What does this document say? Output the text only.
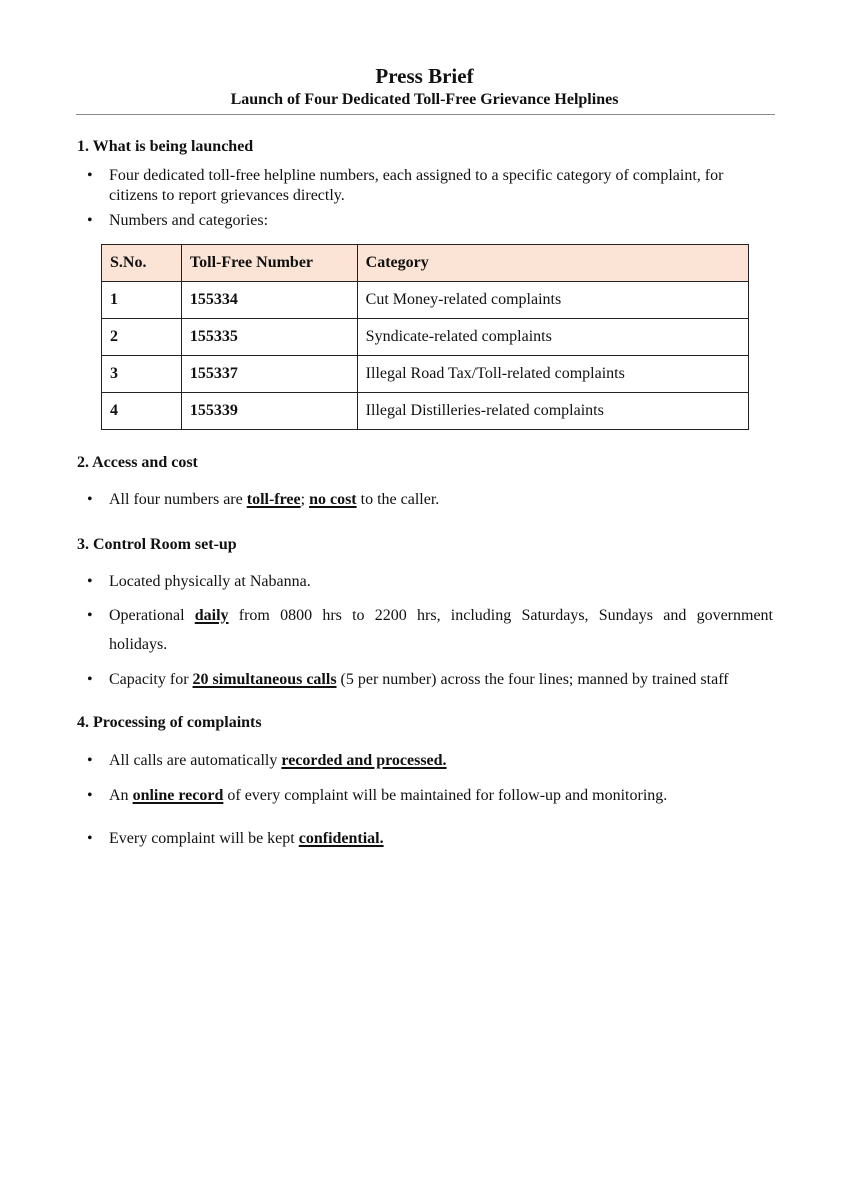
Press Brief
Launch of Four Dedicated Toll-Free Grievance Helplines
1. What is being launched
• Four dedicated toll-free helpline numbers, each assigned to a specific category of complaint, for
citizens to report grievances directly.
• Numbers and categories:
S.No.	Toll-Free Number	Category
1	155334	Cut Money-related complaints
2	155335	Syndicate-related complaints
3	155337	Illegal Road Tax/Toll-related complaints
4	155339	Illegal Distilleries-related complaints
2. Access and cost
• All four numbers are toll-free; no cost to the caller.
3. Control Room set-up
• Located physically at Nabanna.
• Operational daily from 0800 hrs to 2200 hrs, including Saturdays, Sundays and government
holidays.
• Capacity for 20 simultaneous calls (5 per number) across the four lines; manned by trained staff
4. Processing of complaints
• All calls are automatically recorded and processed.
• An online record of every complaint will be maintained for follow-up and monitoring.
• Every complaint will be kept confidential.
